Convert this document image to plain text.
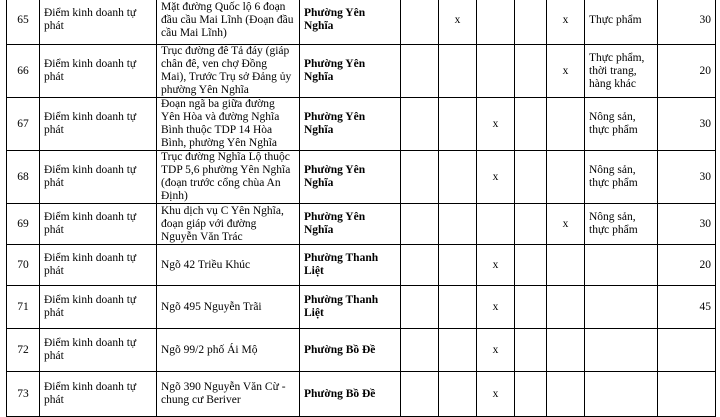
65	Điểm kinh doanh tự phát	Mặt đường Quốc lộ 6 đoạn đầu cầu Mai Lĩnh (Đoạn đầu cầu Mai Lĩnh)	Phường Yên Nghĩa		x			x	Thực phẩm	30
66	Điểm kinh doanh tự phát	Trục đường đê Tả đáy (giáp chân đê, ven chợ Đồng Mai), Trước Trụ sở Đảng ủy phường Yên Nghĩa	Phường Yên Nghĩa					x	Thực phẩm, thời trang, hàng khác	20
67	Điểm kinh doanh tự phát	Đoạn ngã ba giữa đường Yên Hòa và đường Nghĩa Bình thuộc TDP 14 Hòa Bình, phường Yên Nghĩa	Phường Yên Nghĩa			x			Nông sản, thực phẩm	30
68	Điểm kinh doanh tự phát	Trục đường Nghĩa Lộ thuộc TDP 5,6 phường Yên Nghĩa (đoạn trước cổng chùa An Định)	Phường Yên Nghĩa			x			Nông sản, thực phẩm	30
69	Điểm kinh doanh tự phát	Khu dịch vụ C Yên Nghĩa, đoạn giáp với đường Nguyễn Văn Trác	Phường Yên Nghĩa					x	Nông sản, thực phẩm	30
70	Điểm kinh doanh tự phát	Ngõ 42 Triều Khúc	Phường Thanh Liệt			x				20
71	Điểm kinh doanh tự phát	Ngõ 495 Nguyễn Trãi	Phường Thanh Liệt			x				45
72	Điểm kinh doanh tự phát	Ngõ 99/2 phố Ái Mộ	Phường Bồ Đề			x				
73	Điểm kinh doanh tự phát	Ngõ 390 Nguyễn Văn Cừ - chung cư Beriver	Phường Bồ Đề			x				
